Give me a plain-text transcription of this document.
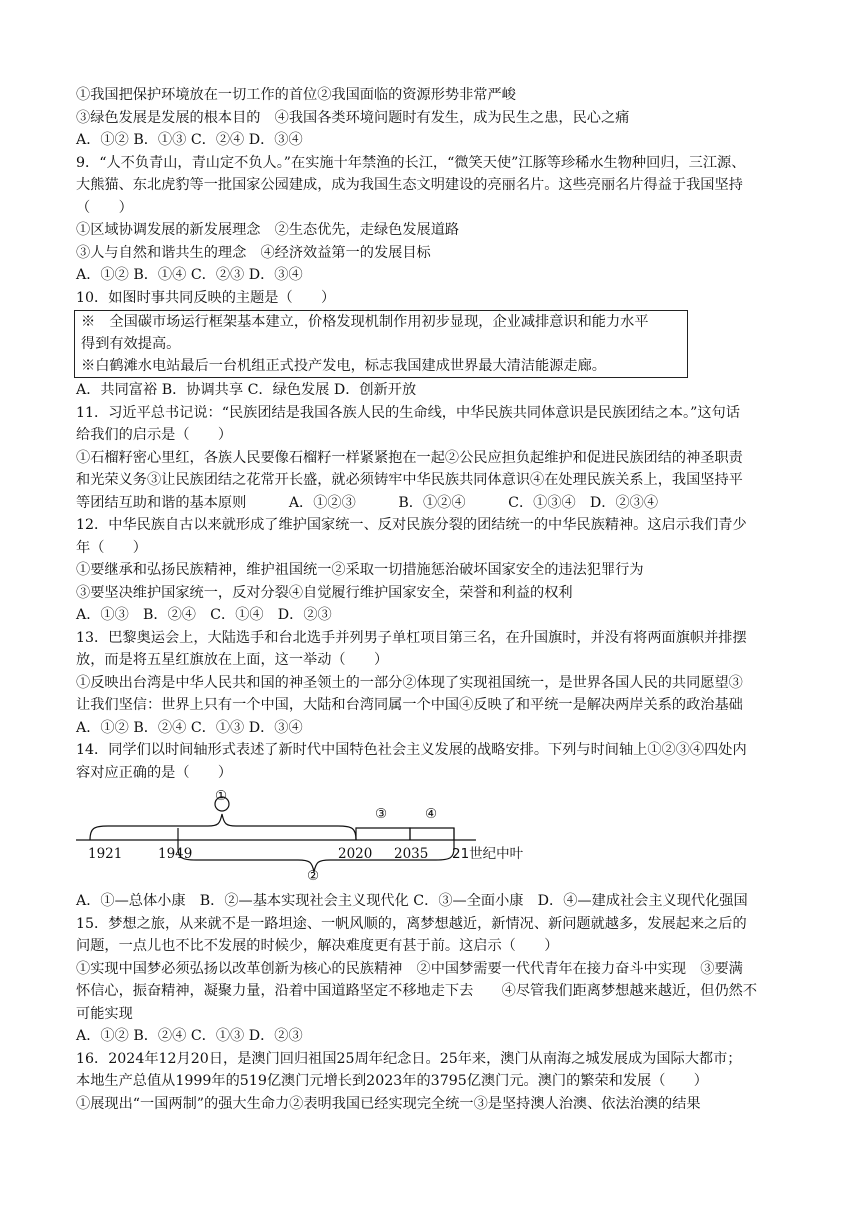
①我国把保护环境放在一切工作的首位②我国面临的资源形势非常严峻
③绿色发展是发展的根本目的　④我国各类环境问题时有发生，成为民生之患，民心之痛
A．①② B．①③ C．②④ D．③④
9．“人不负青山，青山定不负人。”在实施十年禁渔的长江，“微笑天使”江豚等珍稀水生物种回归，三江源、
大熊猫、东北虎豹等一批国家公园建成，成为我国生态文明建设的亮丽名片。这些亮丽名片得益于我国坚持
（　　）
①区域协调发展的新发展理念　②生态优先，走绿色发展道路
③人与自然和谐共生的理念　④经济效益第一的发展目标
A．①② B．①④ C．②③ D．③④
10．如图时事共同反映的主题是（　　）
※　全国碳市场运行框架基本建立，价格发现机制作用初步显现，企业减排意识和能力水平
得到有效提高。
※白鹤滩水电站最后一台机组正式投产发电，标志我国建成世界最大清洁能源走廊。
A．共同富裕 B．协调共享 C．绿色发展 D．创新开放
11．习近平总书记说：“民族团结是我国各族人民的生命线，中华民族共同体意识是民族团结之本。”这句话
给我们的启示是（　　）
①石榴籽密心里红，各族人民要像石榴籽一样紧紧抱在一起②公民应担负起维护和促进民族团结的神圣职责
和光荣义务③让民族团结之花常开长盛，就必须铸牢中华民族共同体意识④在处理民族关系上，我国坚持平
等团结互助和谐的基本原则　　　A．①②③　　　B．①②④　　　C．①③④　D．②③④
12．中华民族自古以来就形成了维护国家统一、反对民族分裂的团结统一的中华民族精神。这启示我们青少
年（　　）
①要继承和弘扬民族精神，维护祖国统一②采取一切措施惩治破坏国家安全的违法犯罪行为
③要坚决维护国家统一，反对分裂④自觉履行维护国家安全，荣誉和利益的权利
A．①③　B．②④　C．①④　D．②③
13．巴黎奥运会上，大陆选手和台北选手并列男子单杠项目第三名，在升国旗时，并没有将两面旗帜并排摆
放，而是将五星红旗放在上面，这一举动（　　）
①反映出台湾是中华人民共和国的神圣领土的一部分②体现了实现祖国统一，是世界各国人民的共同愿望③
让我们坚信：世界上只有一个中国，大陆和台湾同属一个中国④反映了和平统一是解决两岸关系的政治基础
A．①② B．②④ C．①③ D．③④
14．同学们以时间轴形式表述了新时代中国特色社会主义发展的战略安排。下列与时间轴上①②③④四处内
容对应正确的是（　　）
①
②
③	④
1921	1949	2020 2035 21世纪中叶
A．①—总体小康　B．②—基本实现社会主义现代化 C．③—全面小康　D．④—建成社会主义现代化强国
15．梦想之旅，从来就不是一路坦途、一帆风顺的，离梦想越近，新情况、新问题就越多，发展起来之后的
问题，一点儿也不比不发展的时候少，解决难度更有甚于前。这启示（　　）
①实现中国梦必须弘扬以改革创新为核心的民族精神　②中国梦需要一代代青年在接力奋斗中实现　③要满
怀信心，振奋精神，凝聚力量，沿着中国道路坚定不移地走下去　　④尽管我们距离梦想越来越近，但仍然不
可能实现
A．①② B．②④ C．①③ D．②③
16．2024年12月20日，是澳门回归祖国25周年纪念日。25年来，澳门从南海之城发展成为国际大都市；
本地生产总值从1999年的519亿澳门元增长到2023年的3795亿澳门元。澳门的繁荣和发展（　　）
①展现出“一国两制”的强大生命力②表明我国已经实现完全统一③是坚持澳人治澳、依法治澳的结果
